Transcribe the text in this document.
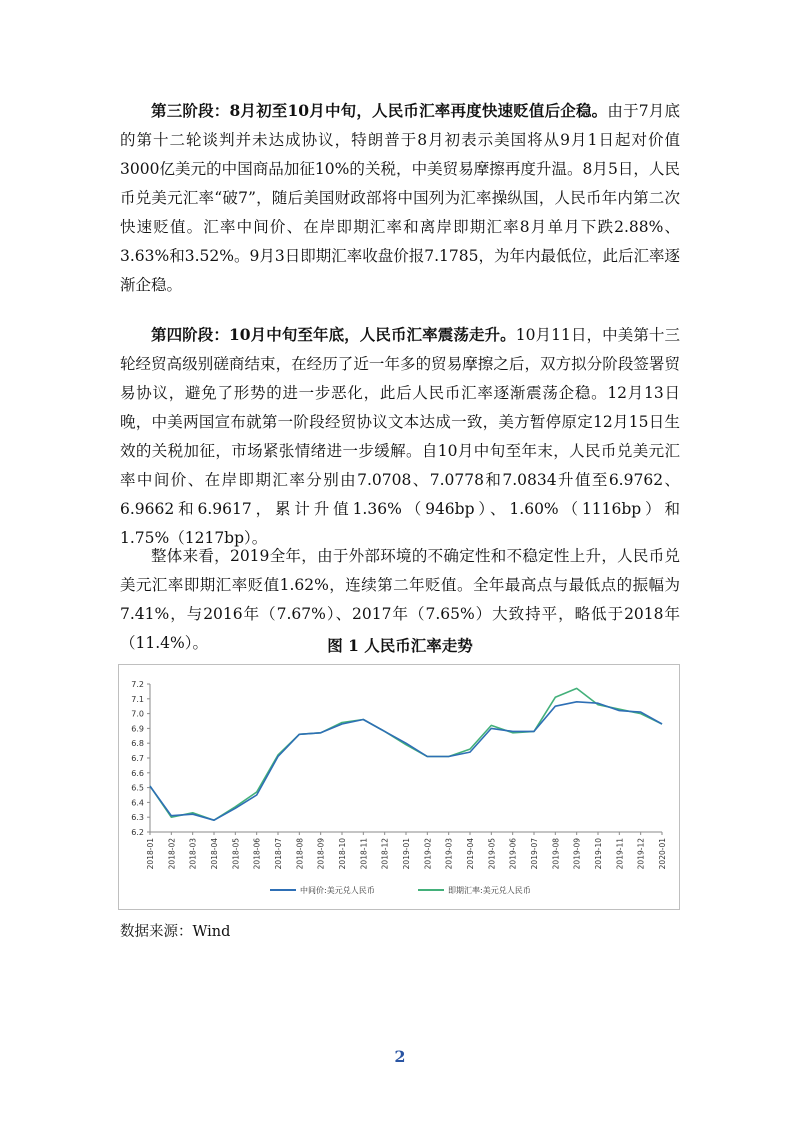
第三阶段：8月初至10月中旬，人民币汇率再度快速贬值后企稳。由于7月底的第十二轮谈判并未达成协议，特朗普于8月初表示美国将从9月1日起对价值3000亿美元的中国商品加征10%的关税，中美贸易摩擦再度升温。8月5日，人民币兑美元汇率“破7”，随后美国财政部将中国列为汇率操纵国，人民币年内第二次快速贬值。汇率中间价、在岸即期汇率和离岸即期汇率8月单月下跌2.88%、3.63%和3.52%。9月3日即期汇率收盘价报7.1785，为年内最低位，此后汇率逐渐企稳。

第四阶段：10月中旬至年底，人民币汇率震荡走升。10月11日，中美第十三轮经贸高级别磋商结束，在经历了近一年多的贸易摩擦之后，双方拟分阶段签署贸易协议，避免了形势的进一步恶化，此后人民币汇率逐渐震荡企稳。12月13日晚，中美两国宣布就第一阶段经贸协议文本达成一致，美方暂停原定12月15日生效的关税加征，市场紧张情绪进一步缓解。自10月中旬至年末，人民币兑美元汇率中间价、在岸即期汇率分别由7.0708、7.0778和7.0834升值至6.9762、6.9662和6.9617，累计升值1.36%（946bp）、1.60%（1116bp）和1.75%（1217bp）。

整体来看，2019全年，由于外部环境的不确定性和不稳定性上升，人民币兑美元汇率即期汇率贬值1.62%，连续第二年贬值。全年最高点与最低点的振幅为7.41%，与2016年（7.67%）、2017年（7.65%）大致持平，略低于2018年（11.4%）。	图 1 人民币汇率走势
7.2
7.1
7.0
6.9
6.8
6.7
6.6
6.5
6.4
6.3
6.2
2018-01 2018-02 2018-03 2018-04 2018-05 2018-06 2018-07 2018-08 2018-09 2018-10 2018-11 2018-12 2019-01 2019-02 2019-03 2019-04 2019-05 2019-06 2019-07 2019-08 2019-09 2019-10 2019-11 2019-12 2020-01
中间价:美元兑人民币	即期汇率:美元兑人民币
数据来源：Wind
2
